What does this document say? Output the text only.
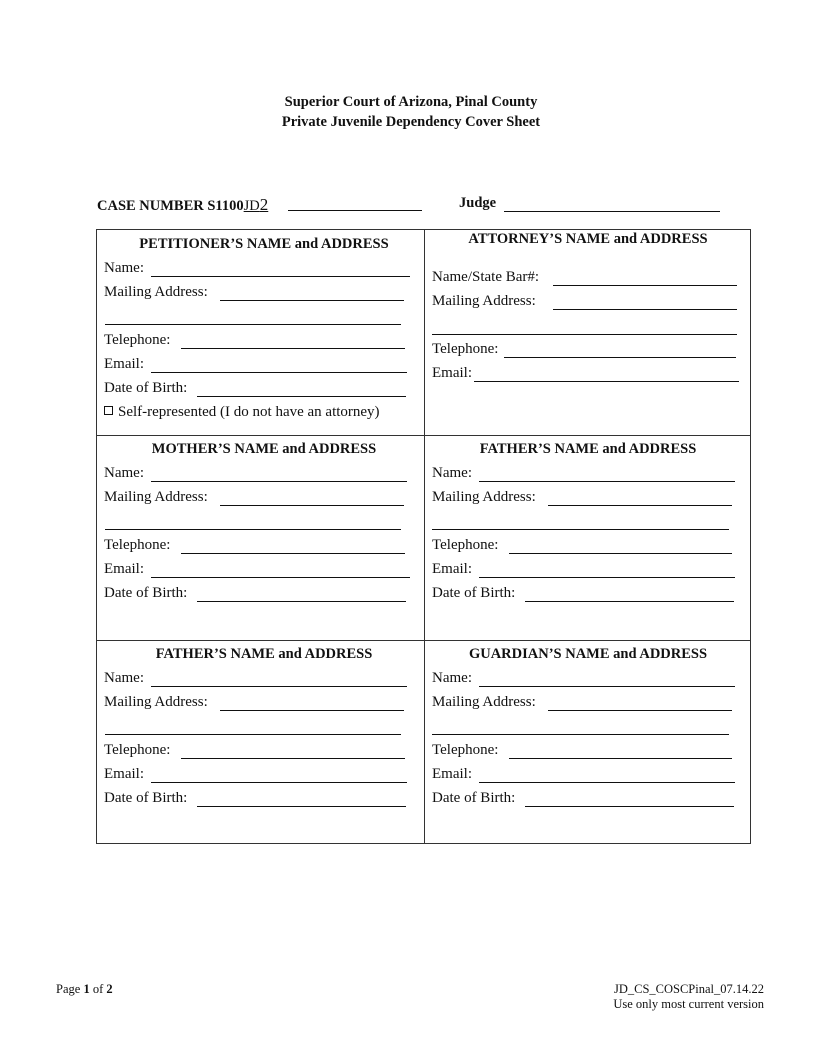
Superior Court of Arizona, Pinal County
Private Juvenile Dependency Cover Sheet
CASE NUMBER S1100JD2	Judge
PETITIONER’S NAME and ADDRESS
Name:
Mailing Address:
Telephone:
Email:
Date of Birth:
Self-represented (I do not have an attorney)
ATTORNEY’S NAME and ADDRESS
Name/State Bar#:
Mailing Address:
Telephone:
Email:
MOTHER’S NAME and ADDRESS
Name:
Mailing Address:
Telephone:
Email:
Date of Birth:
FATHER’S NAME and ADDRESS
Name:
Mailing Address:
Telephone:
Email:
Date of Birth:
FATHER’S NAME and ADDRESS
Name:
Mailing Address:
Telephone:
Email:
Date of Birth:
GUARDIAN’S NAME and ADDRESS
Name:
Mailing Address:
Telephone:
Email:
Date of Birth:
Page 1 of 2	JD_CS_COSCPinal_07.14.22
Use only most current version
